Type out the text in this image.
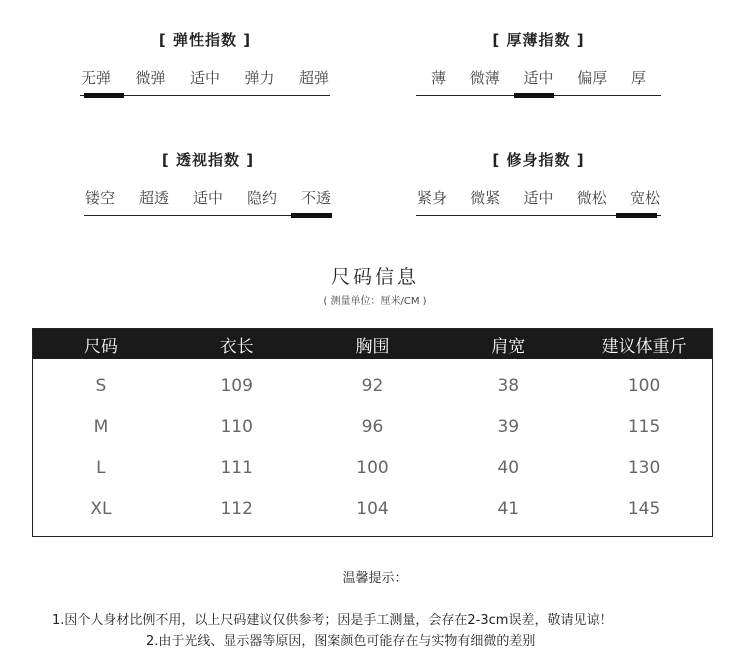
[ 弹性指数 ]
无弹 微弹 适中 弹力 超弹
[ 厚薄指数 ]
薄 微薄 适中 偏厚 厚
[ 透视指数 ]
镂空 超透 适中 隐约 不透
[ 修身指数 ]
紧身 微紧 适中 微松 宽松
尺码信息
( 测量单位：厘米/CM )
尺码	衣长	胸围	肩宽	建议体重斤
S	109	92	38	100
M	110	96	39	115
L	111	100	40	130
XL	112	104	41	145
温馨提示：
1.因个人身材比例不用，以上尺码建议仅供参考；因是手工测量，会存在2-3cm误差，敬请见谅！
2.由于光线、显示器等原因，图案颜色可能存在与实物有细微的差别
